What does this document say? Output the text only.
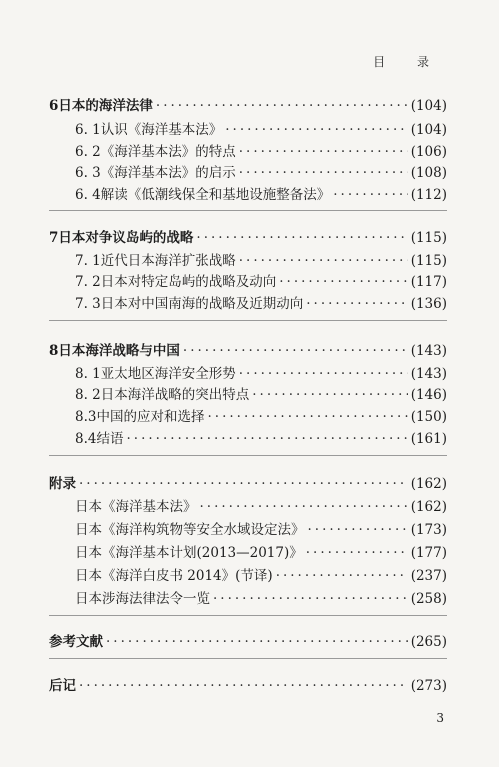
目 录
6 日本的海洋法律 ·····	(104)
6. 1 认识《海洋基本法》 ·····	(104)
6. 2 《海洋基本法》的特点 ·····	(106)
6. 3 《海洋基本法》的启示 ·····	(108)
6. 4 解读《低潮线保全和基地设施整备法》 ·····	(112)
7 日本对争议岛屿的战略 ·····	(115)
7. 1 近代日本海洋扩张战略 ·····	(115)
7. 2 日本对特定岛屿的战略及动向 ·····	(117)
7. 3 日本对中国南海的战略及近期动向 ·····	(136)
8 日本海洋战略与中国 ·····	(143)
8. 1 亚太地区海洋安全形势 ·····	(143)
8. 2 日本海洋战略的突出特点 ·····	(146)
8.3 中国的应对和选择 ·····	(150)
8.4 结语 ·····	(161)
附录 ·····	(162)
日本《海洋基本法》 ·····	(162)
日本《海洋构筑物等安全水域设定法》 ·····	(173)
日本《海洋基本计划(2013—2017)》 ·····	(177)
日本《海洋白皮书 2014》(节译) ·····	(237)
日本涉海法律法令一览 ·····	(258)
参考文献 ·····	(265)
后记 ·····	(273)
3
